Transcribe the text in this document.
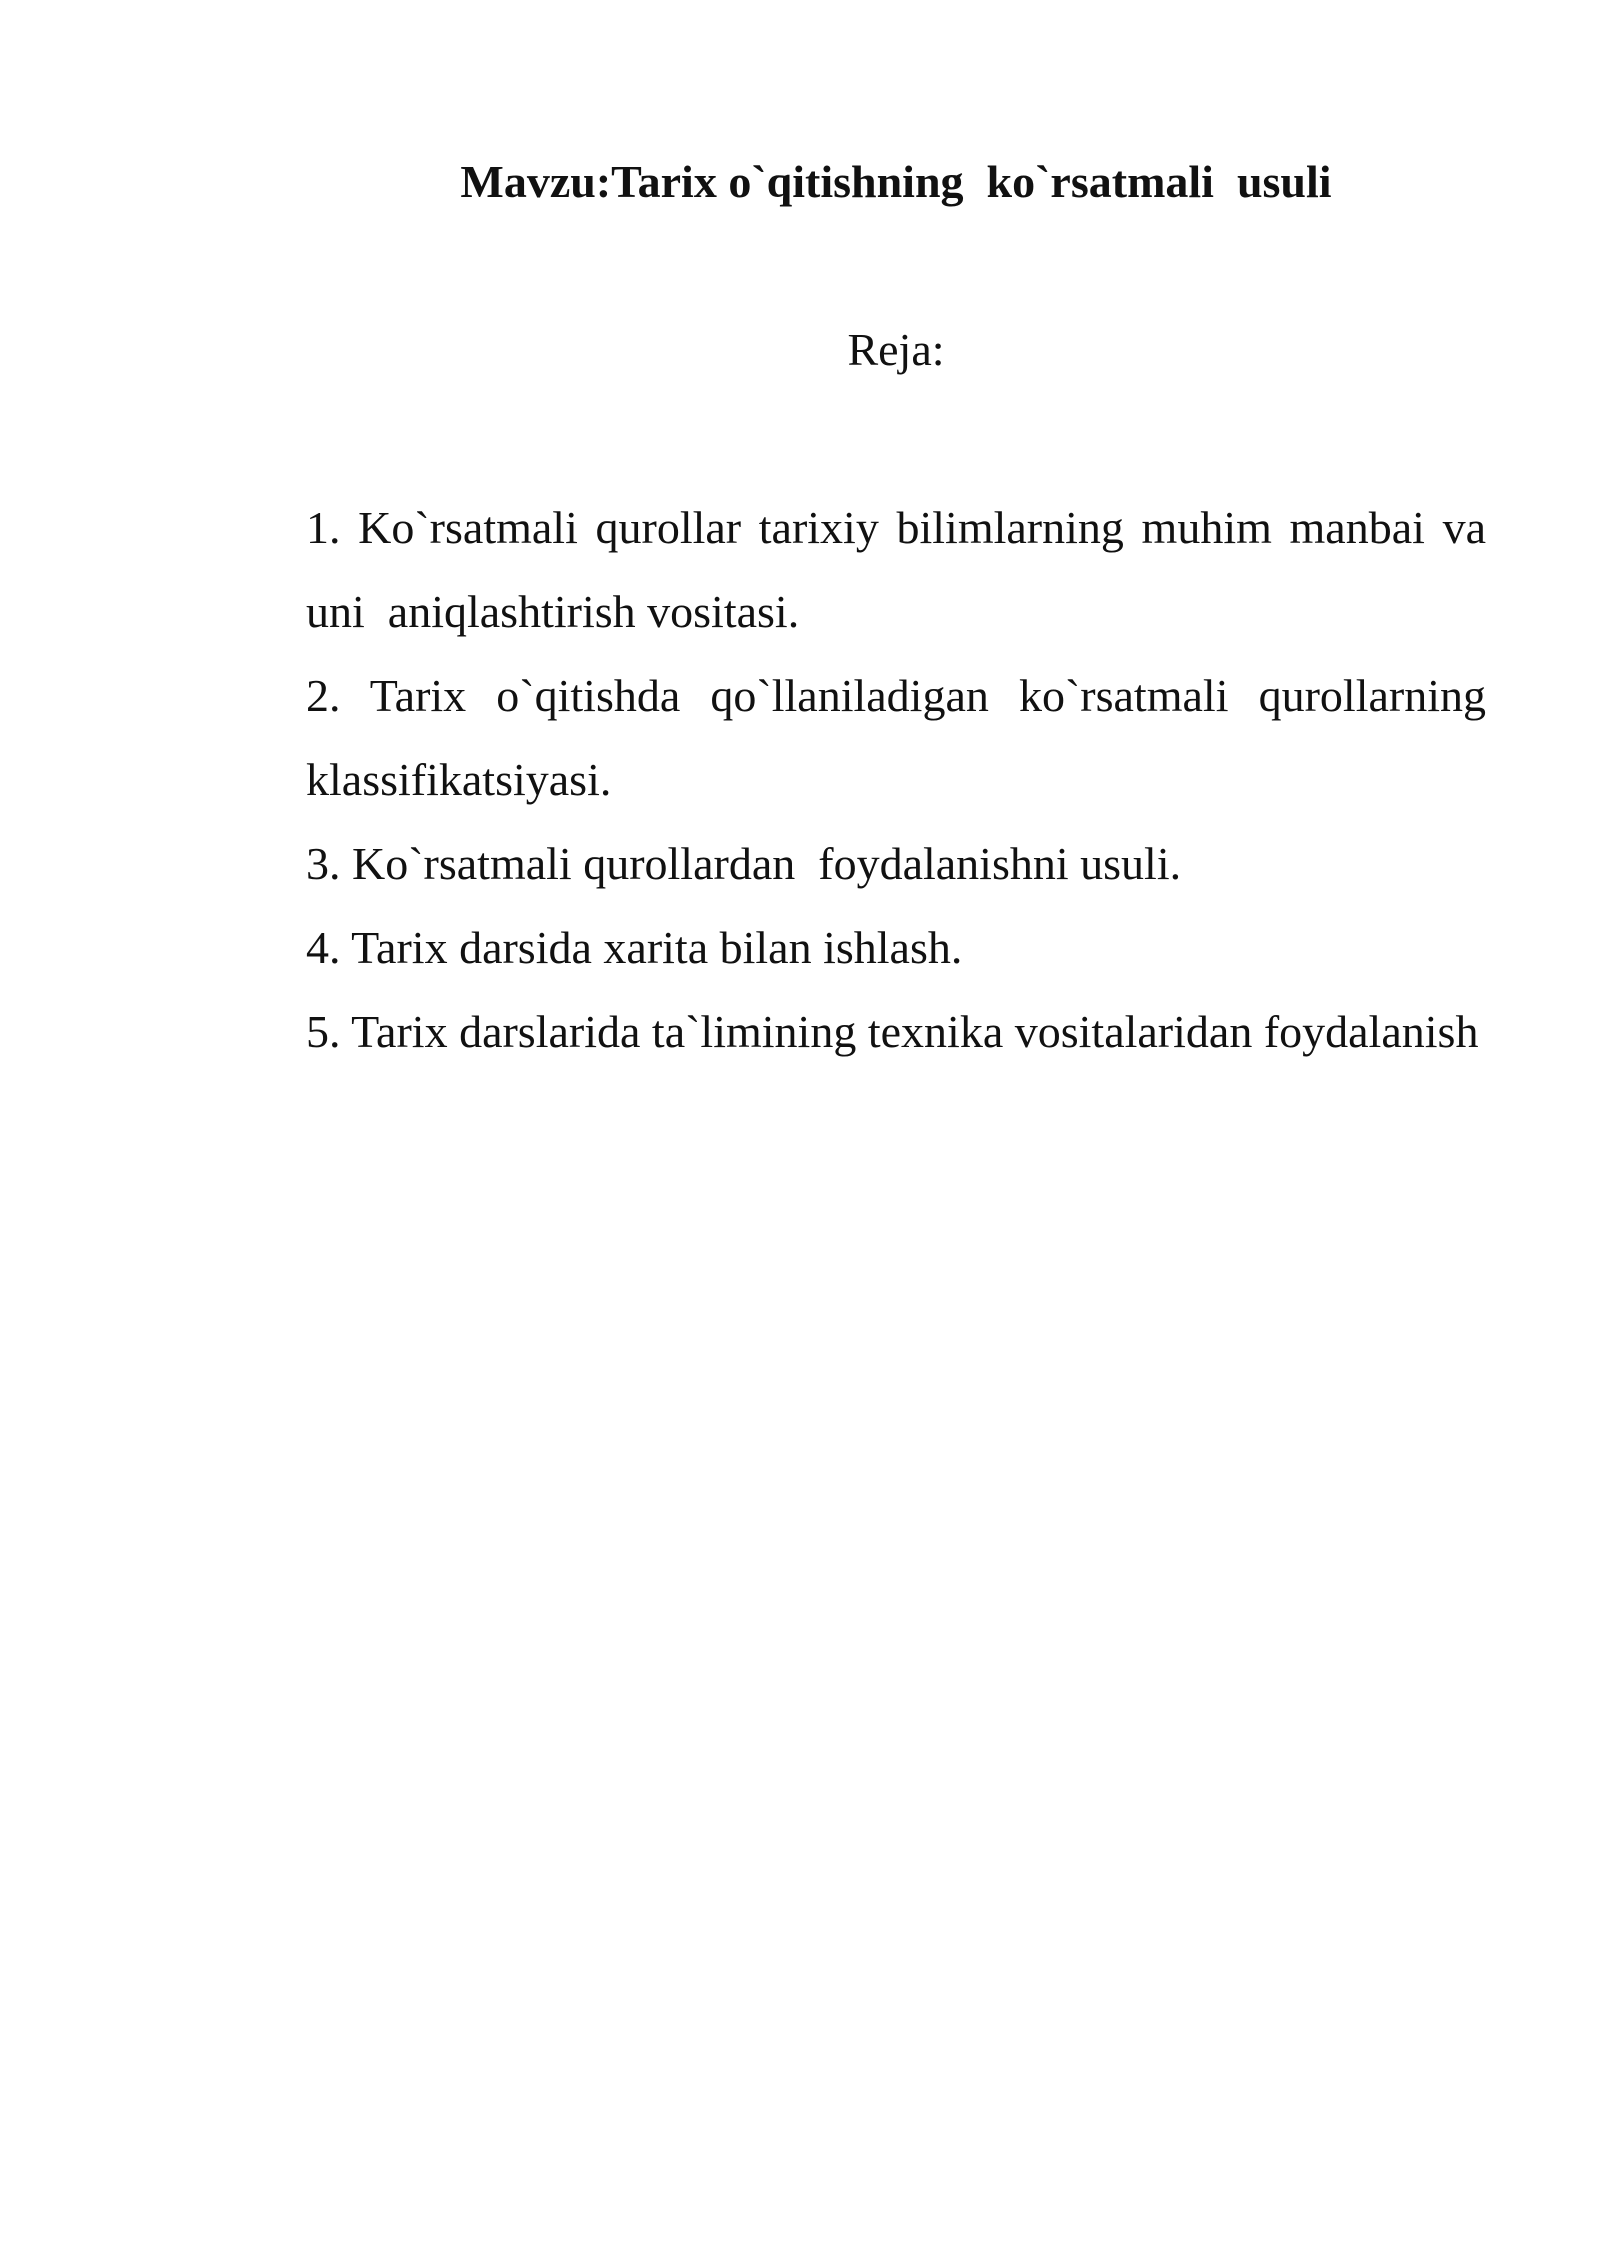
Mavzu:Tarix o`qitishning  ko`rsatmali  usuli

Reja:

1. Ko`rsatmali qurollar tarixiy bilimlarning muhim manbai va uni  aniqlashtirish vositasi.
2. Tarix o`qitishda qo`llaniladigan ko`rsatmali qurollarning klassifikatsiyasi.
3. Ko`rsatmali qurollardan  foydalanishni usuli.
4. Tarix darsida xarita bilan ishlash.
5. Tarix darslarida ta`limining texnika vositalaridan foydalanish
